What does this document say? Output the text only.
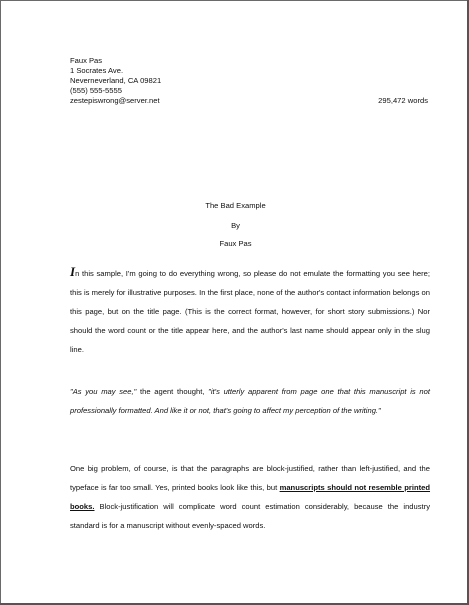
Faux Pas
1 Socrates Ave.
Neverneverland, CA 09821
(555) 555-5555
zestepiswrong@server.net	295,472 words
The Bad Example
By
Faux Pas
In this sample, I'm going to do everything wrong, so please do not emulate the formatting you see here; this is merely for illustrative purposes. In the first place, none of the author's contact information belongs on this page, but on the title page. (This is the correct format, however, for short story submissions.) Nor should the word count or the title appear here, and the author's last name should appear only in the slug line.
"As you may see," the agent thought, "it's utterly apparent from page one that this manuscript is not professionally formatted. And like it or not, that's going to affect my perception of the writing."
One big problem, of course, is that the paragraphs are block-justified, rather than left-justified, and the typeface is far too small. Yes, printed books look like this, but manuscripts should not resemble printed books. Block-justification will complicate word count estimation considerably, because the industry standard is for a manuscript without evenly-spaced words.
